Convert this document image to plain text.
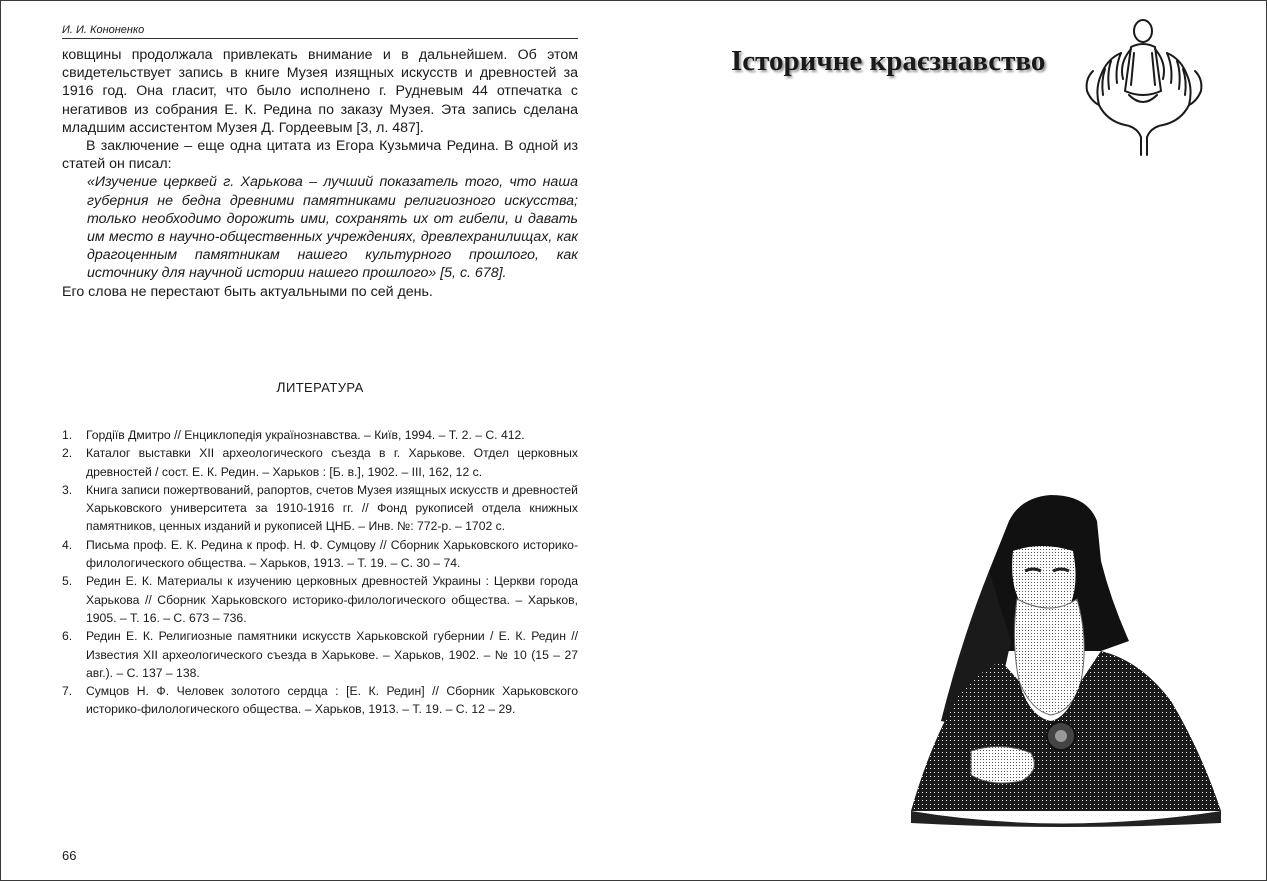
И. И. Кононенко

ковщины продолжала привлекать внимание и в дальнейшем. Об этом свидетельствует запись в книге Музея изящных искусств и древностей за 1916 год. Она гласит, что было исполнено г. Рудневым 44 отпечатка с негативов из собрания Е. К. Редина по заказу Музея. Эта запись сделана младшим ассистентом Музея Д. Гордеевым [3, л. 487].

В заключение – еще одна цитата из Егора Кузьмича Редина. В одной из статей он писал:

«Изучение церквей г. Харькова – лучший показатель того, что наша губерния не бедна древними памятниками религиозного искусства; только необходимо дорожить ими, сохранять их от гибели, и давать им место в научно-общественных учреждениях, древлехранилищах, как драгоценным памятникам нашего культурного прошлого, как источнику для научной истории нашего прошлого» [5, с. 678].

Его слова не перестают быть актуальными по сей день.

ЛИТЕРАТУРА
1. Гордіїв Дмитро // Енциклопедія українознавства. – Київ, 1994. – Т. 2. – С. 412.
2. Каталог выставки XII археологического съезда в г. Харькове. Отдел церковных древностей / сост. Е. К. Редин. – Харьков : [Б. в.], 1902. – III, 162, 12 с.
3. Книга записи пожертвований, рапортов, счетов Музея изящных искусств и древностей Харьковского университета за 1910-1916 гг. // Фонд рукописей отдела книжных памятников, ценных изданий и рукописей ЦНБ. – Инв. №: 772-р. – 1702 с.
4. Письма проф. Е. К. Редина к проф. Н. Ф. Сумцову // Сборник Харьковского историко-филологического общества. – Харьков, 1913. – Т. 19. – С. 30 – 74.
5. Редин Е. К. Материалы к изучению церковных древностей Украины : Церкви города Харькова // Сборник Харьковского историко-филологического общества. – Харьков, 1905. – Т. 16. – С. 673 – 736.
6. Редин Е. К. Религиозные памятники искусств Харьковской губернии / Е. К. Редин // Известия XII археологического съезда в Харькове. – Харьков, 1902. – № 10 (15 – 27 авг.). – С. 137 – 138.
7. Сумцов Н. Ф. Человек золотого сердца : [Е. К. Редин] // Сборник Харьковского историко-филологического общества. – Харьков, 1913. – Т. 19. – С. 12 – 29.
66
Історичне краєзнавство
